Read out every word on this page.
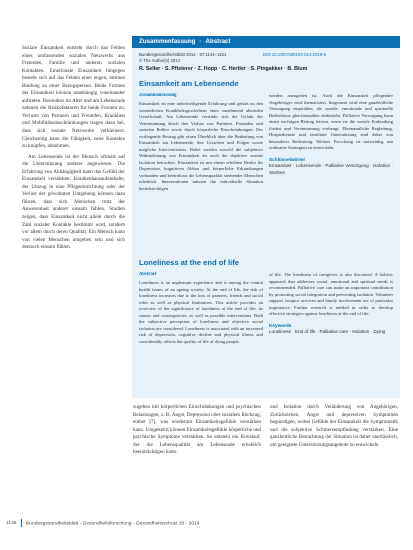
Soziale Einsamkeit entsteht durch das Fehlen eines umfassenden sozialen Netzwerks aus Freunden, Familie und anderen sozialen Kontakten. Emotionale Einsamkeit hingegen bezieht sich auf das Fehlen einer engen, intimen Bindung zu einer Bezugsperson. Beide Formen der Einsamkeit können unabhängig voneinander auftreten. Besonders im Alter und am Lebensende nehmen die Risikofaktoren für beide Formen zu. Verluste von Partnern und Freunden, Krankheit und Mobilitätseinschränkungen tragen dazu bei, dass sich soziale Netzwerke verkleinern. Gleichzeitig kann die Fähigkeit, neue Kontakte zu knüpfen, abnehmen.

Am Lebensende ist der Mensch oftmals auf die Unterstützung anderer angewiesen. Die Erfahrung von Abhängigkeit kann das Gefühl der Einsamkeit verstärken. Krankenhausaufenthalte, der Umzug in eine Pflegeeinrichtung oder der Verlust der gewohnten Umgebung können dazu führen, dass sich Menschen trotz der Anwesenheit anderer einsam fühlen. Studien zeigen, dass Einsamkeit nicht allein durch die Zahl sozialer Kontakte bestimmt wird, sondern vor allem durch deren Qualität. Ein Mensch kann von vielen Menschen umgeben sein und sich dennoch einsam fühlen.

Zusammenfassung · Abstract
Bundesgesundheitsblatt 2014 · 57:1144–1151
© The Author(s) 2014
DOI 10.1007/s00103-014-2019-0
R. Seller · S. Pfisterer · Z. Hopp · C. Hertler · S. Ptngakker · B. Blum
Einsamkeit am Lebensende
Zusammenfassung

Einsamkeit ist eine unbefriedigende Erfahrung und gehört zu den wesentlichen Krankheitsgeschehens einer zunehmend alternden Gesellschaft. Am Lebensende verstärkt sich die Gefahr der Vereinsamung durch den Verlust von Partnern, Freunden und sozialen Rollen sowie durch körperliche Einschränkungen. Der vorliegende Beitrag gibt einen Überblick über die Bedeutung von Einsamkeit am Lebensende, ihre Ursachen und Folgen sowie mögliche Interventionen. Dabei werden sowohl die subjektive Wahrnehmung von Einsamkeit als auch die objektive soziale Isolation betrachtet. Einsamkeit ist mit einem erhöhten Risiko für Depression, kognitiven Abbau und körperliche Erkrankungen verbunden und beeinflusst die Lebensqualität sterbender Menschen erheblich. Interventionen müssen die individuelle Situation berücksichtigen.

werden anzugehen ist. Auch die Einsamkeit pflegender Angehöriger wird thematisiert. Insgesamt wird eine ganzheitliche Versorgung empfohlen, die soziale, emotionale und spirituelle Bedürfnisse gleichermaßen einbezieht. Palliative Versorgung kann einen wichtigen Beitrag leisten, wenn sie die soziale Einbindung fördert und Vereinsamung vorbeugt. Ehrenamtliche Begleitung, Hospizdienste und familiäre Unterstützung sind dabei von besonderer Bedeutung. Weitere Forschung ist notwendig, um wirksame Strategien zu entwickeln.

Schlüsselwörter
Einsamkeit · Lebensende · Palliative Versorgung · Isolation · Sterben
Loneliness at the end of life
Abstract

Loneliness is an unpleasant experience and is among the central health issues of an ageing society. At the end of life, the risk of loneliness increases due to the loss of partners, friends and social roles as well as physical limitations. This article provides an overview of the significance of loneliness at the end of life, its causes and consequences, as well as possible interventions. Both the subjective perception of loneliness and objective social isolation are considered. Loneliness is associated with an increased risk of depression, cognitive decline and physical illness and considerably affects the quality of life of dying people.

of life. The loneliness of caregivers is also discussed. A holistic approach that addresses social, emotional and spiritual needs is recommended. Palliative care can make an important contribution by promoting social integration and preventing isolation. Volunteer support, hospice services and family involvement are of particular importance. Further research is needed in order to develop effective strategies against loneliness at the end of life.

Keywords
Loneliness · End of life · Palliative care · Isolation · Dying

zugehen mit körperlichen Einschränkungen und psychischen Belastungen, z. B. Angst, Depression oder sozialem Rückzug, einher [7], was wiederum Einsamkeitsgefühle verstärken kann. Umgekehrt können Einsamkeitsgefühle körperliche und psychische Symptome verstärken. So entsteht ein Kreislauf, der die Lebensqualität am Lebensende erheblich beeinträchtigen kann.

und Isolation durch Veränderung von Angehörigen, Zurückziehen, Angst und depressiven Symptomen begünstigen, wobei Gefühle der Einsamkeit die Symptomatik und die subjektive Schmerzempfindung verstärken. Eine ganzheitliche Betrachtung der Situation ist daher unerlässlich, um geeignete Unterstützungsangebote zu entwickeln.

1146 Bundesgesundheitsblatt - Gesundheitsforschung - Gesundheitsschutz 10 · 2014
